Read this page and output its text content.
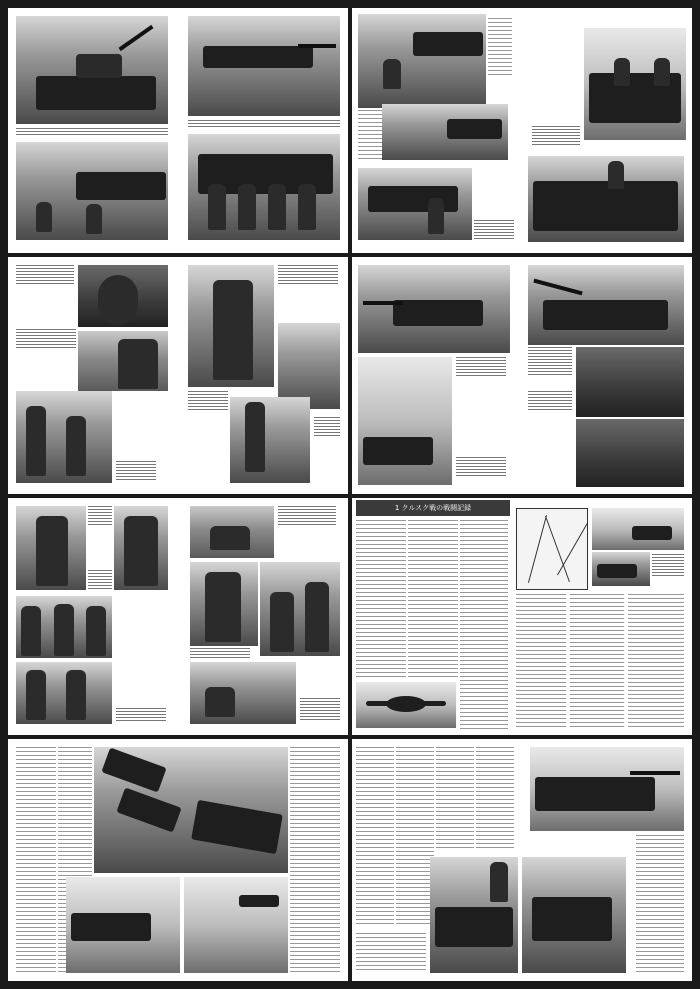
1 クルスク戦の戦闘記録
